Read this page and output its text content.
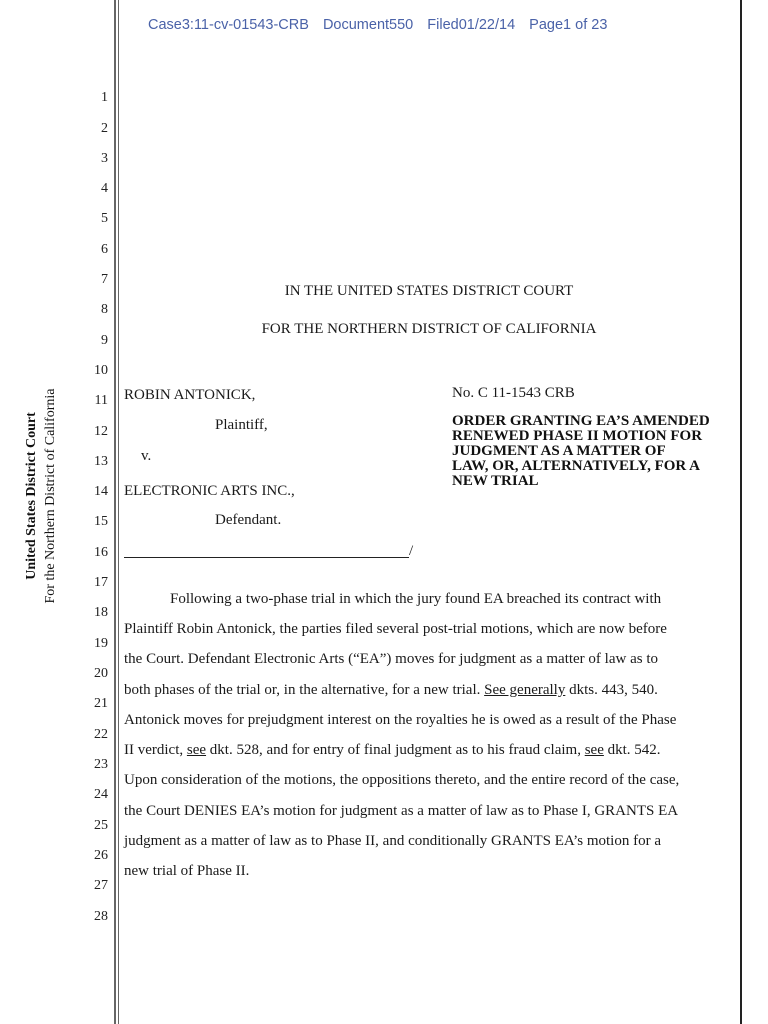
Case3:11-cv-01543-CRB Document550 Filed01/22/14 Page1 of 23
United States District Court For the Northern District of California
1
2
3
4
5
6
7
8
9
10
11
12
13
14
15
16
17
18
19
20
21
22
23
24
25
26
27
28
IN THE UNITED STATES DISTRICT COURT
FOR THE NORTHERN DISTRICT OF CALIFORNIA
ROBIN ANTONICK,
Plaintiff,
v.
ELECTRONIC ARTS INC.,
Defendant.
/
No. C 11-1543 CRB
ORDER GRANTING EA’S AMENDED
RENEWED PHASE II MOTION FOR
JUDGMENT AS A MATTER OF
LAW, OR, ALTERNATIVELY, FOR A
NEW TRIAL
Following a two-phase trial in which the jury found EA breached its contract with
Plaintiff Robin Antonick, the parties filed several post-trial motions, which are now before
the Court. Defendant Electronic Arts (“EA”) moves for judgment as a matter of law as to
both phases of the trial or, in the alternative, for a new trial. See generally dkts. 443, 540.
Antonick moves for prejudgment interest on the royalties he is owed as a result of the Phase
II verdict, see dkt. 528, and for entry of final judgment as to his fraud claim, see dkt. 542.
Upon consideration of the motions, the oppositions thereto, and the entire record of the case,
the Court DENIES EA’s motion for judgment as a matter of law as to Phase I, GRANTS EA
judgment as a matter of law as to Phase II, and conditionally GRANTS EA’s motion for a
new trial of Phase II.
